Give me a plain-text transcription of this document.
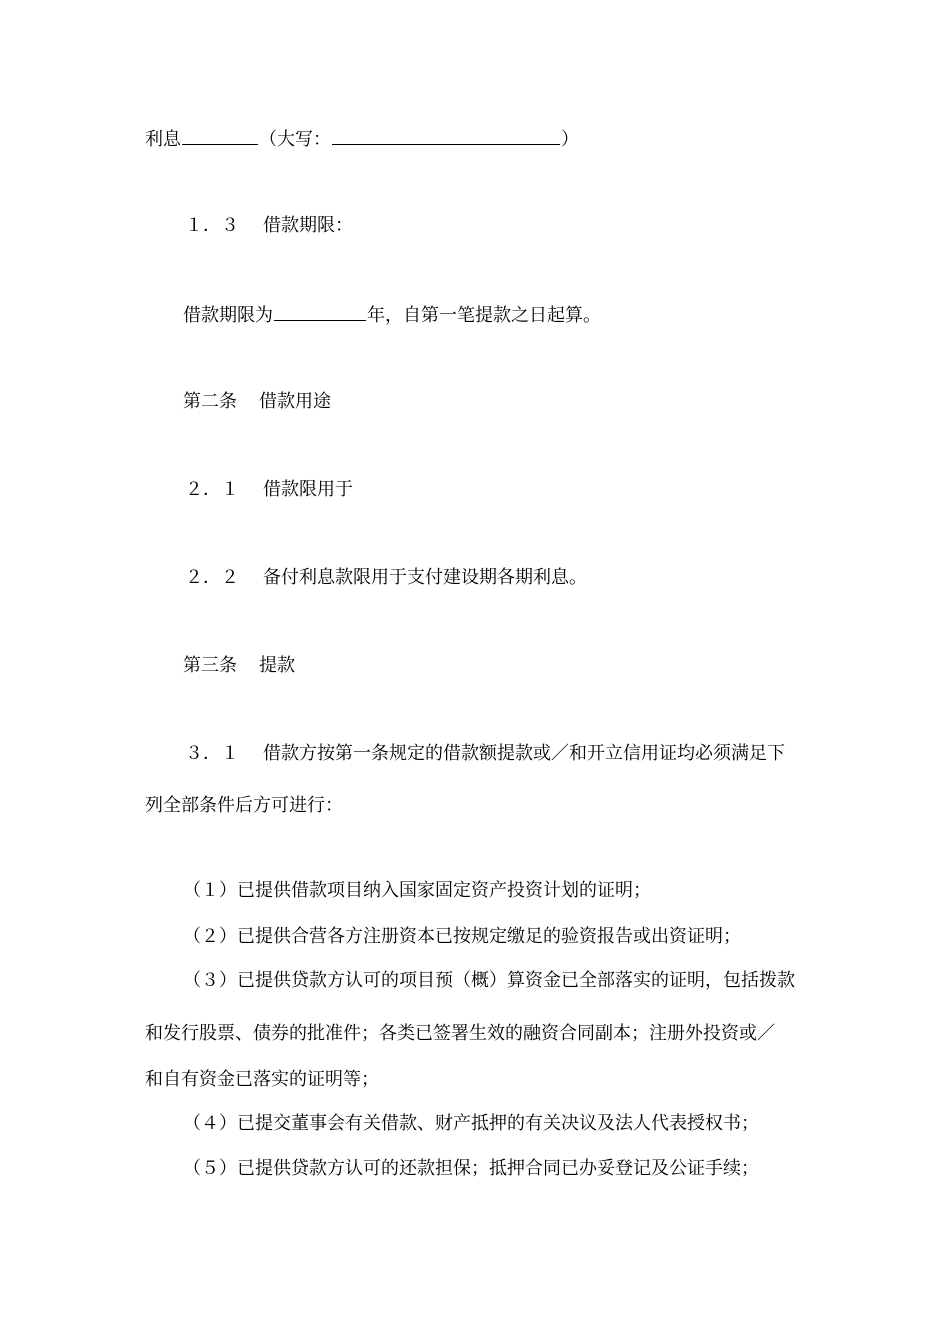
利息	（大写：	）
１．３ 借款期限：
借款期限为	年，自第一笔提款之日起算。
第二条 借款用途
２．１ 借款限用于
２．２ 备付利息款限用于支付建设期各期利息。
第三条 提款
３．１ 借款方按第一条规定的借款额提款或／和开立信用证均必须满足下
列全部条件后方可进行：
（１）已提供借款项目纳入国家固定资产投资计划的证明；
（２）已提供合营各方注册资本已按规定缴足的验资报告或出资证明；
（３）已提供贷款方认可的项目预（概）算资金已全部落实的证明，包括拨款
和发行股票、债券的批准件；各类已签署生效的融资合同副本；注册外投资或／
和自有资金已落实的证明等；
（４）已提交董事会有关借款、财产抵押的有关决议及法人代表授权书；
（５）已提供贷款方认可的还款担保；抵押合同已办妥登记及公证手续；
